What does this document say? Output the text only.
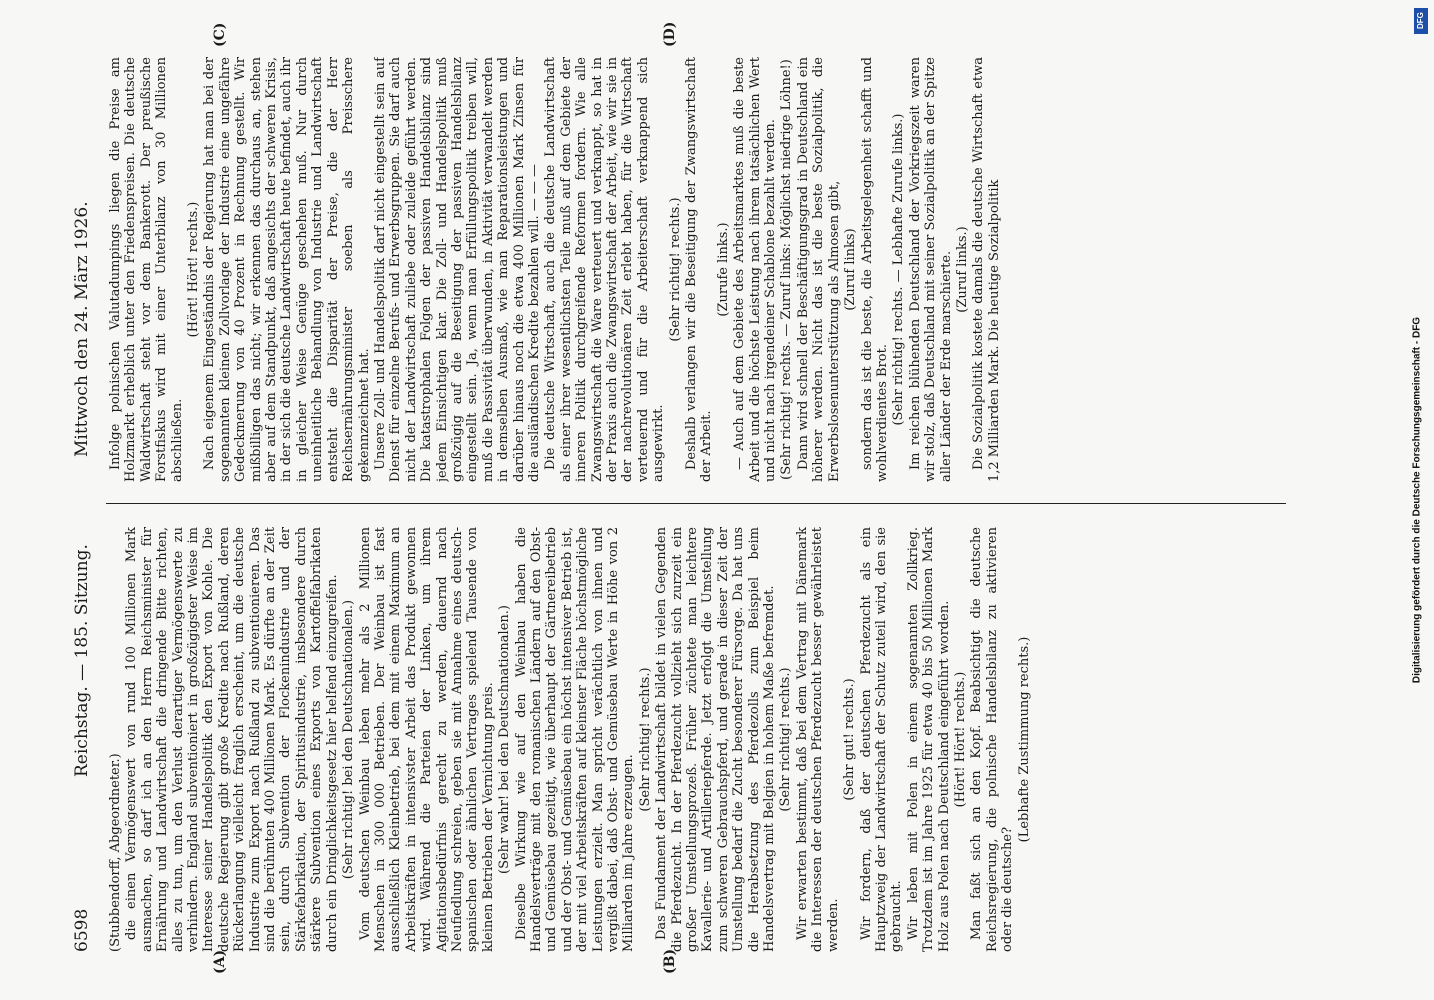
6598
Reichstag. — 185. Sitzung.
Mittwoch den 24. März 1926.

(Stubbendorff, Abgeordneter.) die einen Vermögenswert von rund 100 Millionen Mark ausmachen, so darf ich an den Herrn Reichsminister für Ernährung und Landwirtschaft die dringende Bitte richten, alles zu tun, um den Verlust derartiger Vermögenswerte zu verhindern. England subventioniert in großzügigster Weise im Interesse seiner Handelspolitik den Export von Kohle. Die deutsche Regierung gibt große Kredite nach Rußland, deren Rückerlangung vielleicht fraglich erscheint, um die deutsche Industrie zum Export nach Rußland zu subventionieren. Das sind die berühmten 400 Millionen Mark. Es dürfte an der Zeit sein, durch Subvention der Flockenindustrie und der Stärkefabrikation, der Spiritusindustrie, insbesondere durch stärkere Subvention eines Exports von Kartoffelfabrikaten durch ein Dringlichkeitsgesetz hier helfend einzugreifen. (Sehr richtig! bei den Deutschnationalen.) Vom deutschen Weinbau leben mehr als 2 Millionen Menschen in 300 000 Betrieben. Der Weinbau ist fast ausschließlich Kleinbetrieb, bei dem mit einem Maximum an Arbeitskräften in intensivster Arbeit das Produkt gewonnen wird. Während die Parteien der Linken, um ihrem Agitationsbedürfnis gerecht zu werden, dauernd nach Neufiedlung schreien, geben sie mit Annahme eines deutsch-spanischen oder ähnlichen Vertrages spielend Tausende von kleinen Betrieben der Vernichtung preis. (Sehr wahr! bei den Deutschnationalen.) Dieselbe Wirkung wie auf den Weinbau haben die Handelsverträge mit den romanischen Ländern auf den Obst- und Gemüsebau gezeitigt, wie überhaupt der Gärtnereibetrieb und der Obst- und Gemüsebau ein höchst intensiver Betrieb ist, der mit viel Arbeitskräften auf kleinster Fläche höchstmögliche Leistungen erzielt. Man spricht verächtlich von ihnen und vergißt dabei, daß Obst- und Gemüsebau Werte in Höhe von 2 Milliarden im Jahre erzeugen.

(Sehr richtig! rechts.) Das Fundament der Landwirtschaft bildet in vielen Gegenden die Pferdezucht. In der Pferdezucht vollzieht sich zurzeit ein großer Umstellungsprozeß. Früher züchtete man leichtere Kavallerie- und Artilleriepferde. Jetzt erfolgt die Umstellung zum schweren Gebrauchspferd, und gerade in dieser Zeit der Umstellung bedarf die Zucht besonderer Fürsorge. Da hat uns die Herabsetzung des Pferdezolls zum Beispiel beim Handelsvertrag mit Belgien in hohem Maße befremdet. (Sehr richtig! rechts.) Wir erwarten bestimmt, daß bei dem Vertrag mit Dänemark die Interessen der deutschen Pferdezucht besser gewährleistet werden.

(Sehr gut! rechts.) Wir fordern, daß der deutschen Pferdezucht als ein Hauptzweig der Landwirtschaft der Schutz zuteil wird, den sie gebraucht. Wir leben mit Polen in einem sogenannten Zollkrieg. Trotzdem ist im Jahre 1925 für etwa 40 bis 50 Millionen Mark Holz aus Polen nach Deutschland eingeführt worden. (Hört! Hört! rechts.) Man faßt sich an den Kopf. Beabsichtigt die deutsche Reichsregierung, die polnische Handelsbilanz zu aktivieren oder die deutsche?

(Lebhafte Zustimmung rechts.)

Infolge polnischen Valutadumpings liegen die Preise am Holzmarkt erheblich unter den Friedenspreisen. Die deutsche Waldwirtschaft steht vor dem Bankerott. Der preußische Forstfiskus wird mit einer Unterbilanz von 30 Millionen abschließen.

(Hört! Hört! rechts.) Nach eigenem Eingeständnis der Regierung hat man bei der sogenannten kleinen Zollvorlage der Industrie eine ungefähre Gedeckmerung von 40 Prozent in Rechnung gestellt. Wir mißbilligen das nicht; wir erkennen das durchaus an, stehen aber auf dem Standpunkt, daß angesichts der schweren Krisis, in der sich die deutsche Landwirtschaft heute befindet, auch ihr in gleicher Weise Genüge geschehen muß. Nur durch uneinheitliche Behandlung von Industrie und Landwirtschaft entsteht die Disparität der Preise, die der Herr Reichsernährungsminister soeben als Preisschere gekennzeichnet hat. Unsere Zoll- und Handelspolitik darf nicht eingestellt sein auf Dienst für einzelne Berufs- und Erwerbsgruppen. Sie darf auch nicht der Landwirtschaft zuliebe oder zuleide geführt werden. Die katastrophalen Folgen der passiven Handelsbilanz sind jedem Einsichtigen klar. Die Zoll- und Handelspolitik muß großzügig auf die Beseitigung der passiven Handelsbilanz eingestellt sein. Ja, wenn man Erfüllungspolitik treiben will, muß die Passivität überwunden, in Aktivität verwandelt werden in demselben Ausmaß, wie man Reparationsleistungen und darüber hinaus noch die etwa 400 Millionen Mark Zinsen für die ausländischen Kredite bezahlen will. — — — Die deutsche Wirtschaft, auch die deutsche Landwirtschaft als einer ihrer wesentlichsten Teile muß auf dem Gebiete der inneren Politik durchgreifende Reformen fordern. Wie alle Zwangswirtschaft die Ware verteuert und verknappt, so hat in der Praxis auch die Zwangswirtschaft der Arbeit, wie wir sie in der nachrevolutionären Zeit erlebt haben, für die Wirtschaft verteuernd und für die Arbeiterschaft verknappend sich ausgewirkt.

(Sehr richtig! rechts.) Deshalb verlangen wir die Beseitigung der Zwangswirtschaft der Arbeit.

(Zurufe links.) — Auch auf dem Gebiete des Arbeitsmarktes muß die beste Arbeit und die höchste Leistung nach ihrem tatsächlichen Wert und nicht nach irgendeiner Schablone bezahlt werden. (Sehr richtig! rechts. — Zuruf links: Möglichst niedrige Löhne!) Dann wird schnell der Beschäftigungsgrad in Deutschland ein höherer werden. Nicht das ist die beste Sozialpolitik, die Erwerbslosenunterstützung als Almosen gibt, (Zuruf links) sondern das ist die beste, die Arbeitsgelegenheit schafft und wohlverdientes Brot. (Sehr richtig! rechts. — Lebhafte Zurufe links.) Im reichen blühenden Deutschland der Vorkriegszeit waren wir stolz, daß Deutschland mit seiner Sozialpolitik an der Spitze aller Länder der Erde marschierte. (Zuruf links.) Die Sozialpolitik kostete damals die deutsche Wirtschaft etwa 1,2 Milliarden Mark. Die heutige Sozialpolitik

(A)	(B)
(C)	(D)
DFG
Digitalisierung gefördert durch die Deutsche Forschungsgemeinschaft - DFG
